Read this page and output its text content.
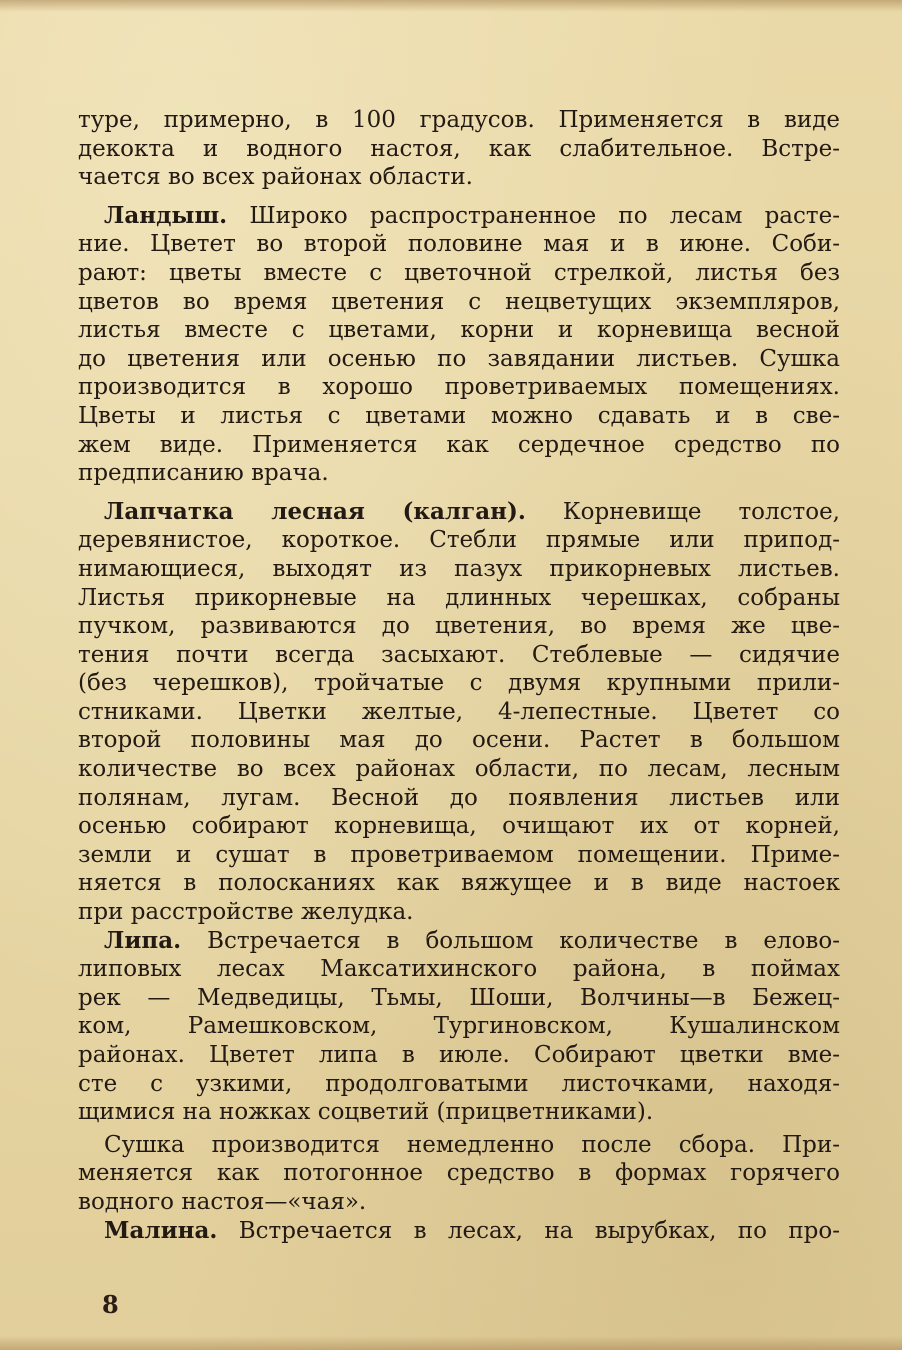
туре, примерно, в 100 градусов. Применяется в виде
декокта и водного настоя, как слабительное. Встре-
чается во всех районах области.
Ландыш. Широко распространенное по лесам расте-
ние. Цветет во второй половине мая и в июне. Соби-
рают: цветы вместе с цветочной стрелкой, листья без
цветов во время цветения с нецветущих экземпляров,
листья вместе с цветами, корни и корневища весной
до цветения или осенью по завядании листьев. Сушка
производится в хорошо проветриваемых помещениях.
Цветы и листья с цветами можно сдавать и в све-
жем виде. Применяется как сердечное средство по
предписанию врача.
Лапчатка лесная (калган). Корневище толстое,
деревянистое, короткое. Стебли прямые или припод-
нимающиеся, выходят из пазух прикорневых листьев.
Листья прикорневые на длинных черешках, собраны
пучком, развиваются до цветения, во время же цве-
тения почти всегда засыхают. Стеблевые — сидячие
(без черешков), тройчатые с двумя крупными прили-
стниками. Цветки желтые, 4-лепестные. Цветет со
второй половины мая до осени. Растет в большом
количестве во всех районах области, по лесам, лесным
полянам, лугам. Весной до появления листьев или
осенью собирают корневища, очищают их от корней,
земли и сушат в проветриваемом помещении. Приме-
няется в полосканиях как вяжущее и в виде настоек
при расстройстве желудка.
Липа. Встречается в большом количестве в елово-
липовых лесах Максатихинского района, в поймах
рек — Медведицы, Тьмы, Шоши, Волчины—в Бежец-
ком, Рамешковском, Тургиновском, Кушалинском
районах. Цветет липа в июле. Собирают цветки вме-
сте с узкими, продолговатыми листочками, находя-
щимися на ножках соцветий (прицветниками).
Сушка производится немедленно после сбора. При-
меняется как потогонное средство в формах горячего
водного настоя—«чая».
Малина. Встречается в лесах, на вырубках, по про-
8
